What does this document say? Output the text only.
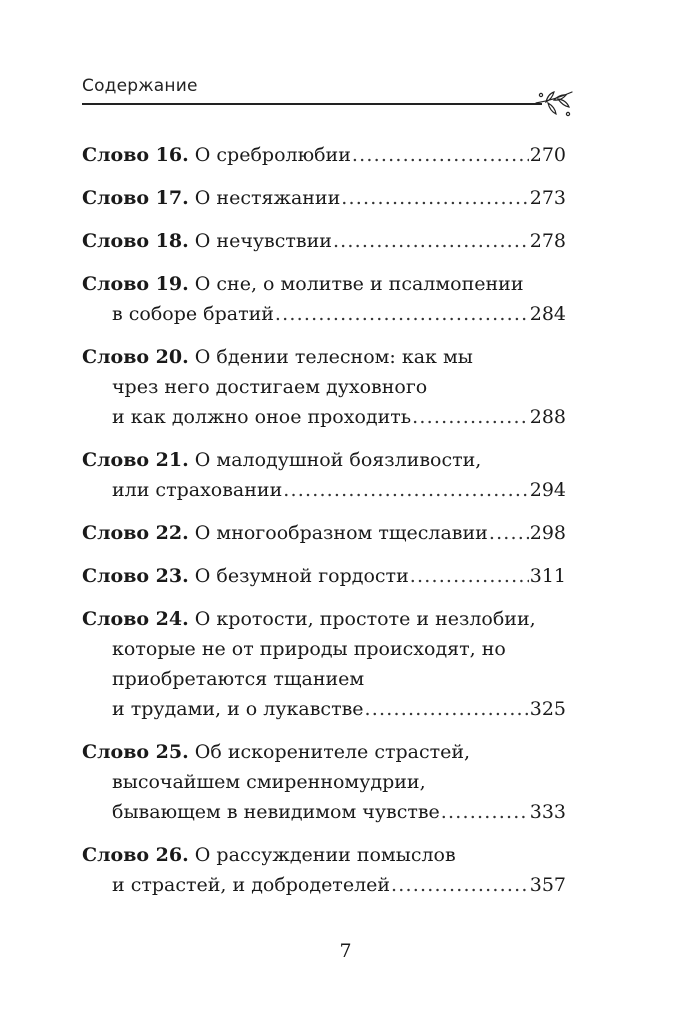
Содержание
Слово 16.
О сребролюбии .....	270
Слово 17.
О нестяжании .....	273
Слово 18.
О нечувствии .....	278
Слово 19. О сне, о молитве и псалмопении
в соборе братий .....	284
Слово 20. О бдении телесном: как мы
чрез него достигаем духовного
и как должно оное проходить .....	288
Слово 21. О малодушной боязливости,
или страховании .....	294
Слово 22.
О многообразном тщеславии ..... 298
Слово 23.
О безумной гордости .....	311
Слово 24. О кротости, простоте и незлобии,
которые не от природы происходят, но
приобретаются тщанием
и трудами, и о лукавстве .....	325
Слово 25. Об искоренителе страстей,
высочайшем смиренномудрии,
бывающем в невидимом чувстве .....	333
Слово 26. О рассуждении помыслов
и страстей, и добродетелей .....	357
7
